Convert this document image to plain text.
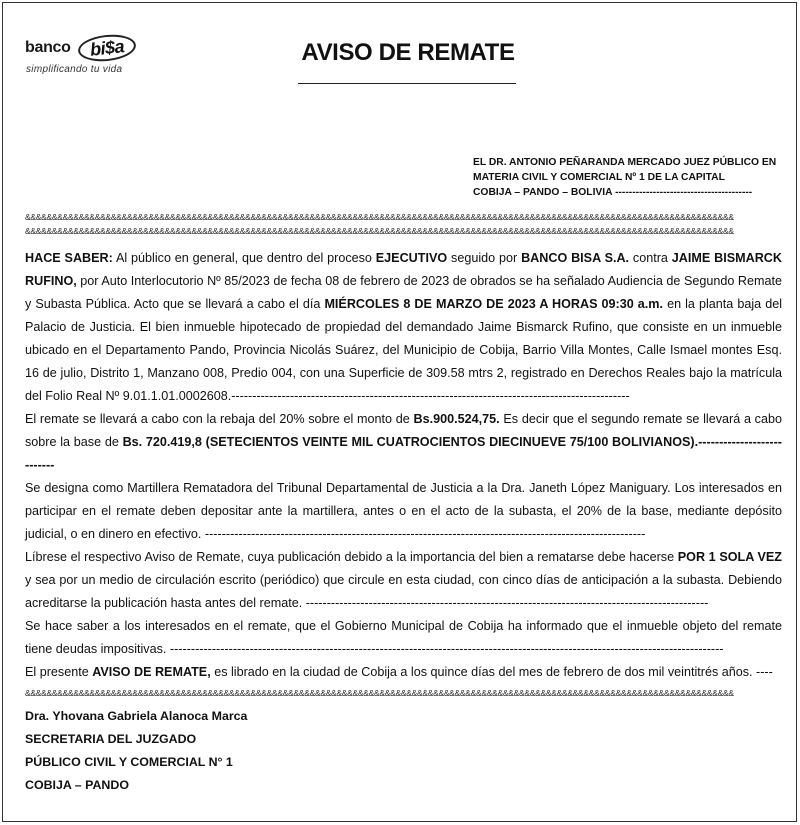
banco bi$a
simplificando tu vida
AVISO DE REMATE
EL DR. ANTONIO PEÑARANDA MERCADO JUEZ PÚBLICO EN
MATERIA CIVIL Y COMERCIAL Nº 1 DE LA CAPITAL
COBIJA – PANDO – BOLIVIA ----------------------------------------
&&&&&&&&&&&&&&&&&&&&&&&&&&&&&&&&&&&&&&&&&&&&&&&&&&&&&&&&&&&&&&&&&&&&&&&&&&&&&&&&&&&&&&&&&&&&&&&&&&&&&&&&&&&&&&&&&&&&&&&&&&&&&&&&&&&&
&&&&&&&&&&&&&&&&&&&&&&&&&&&&&&&&&&&&&&&&&&&&&&&&&&&&&&&&&&&&&&&&&&&&&&&&&&&&&&&&&&&&&&&&&&&&&&&&&&&&&&&&&&&&&&&&&&&&&&&&&&&&&&&&&&&&

HACE SABER: Al público en general, que dentro del proceso EJECUTIVO seguido por BANCO BISA S.A. contra JAIME BISMARCK RUFINO, por Auto Interlocutorio Nº 85/2023 de fecha 08 de febrero de 2023 de obrados se ha señalado Audiencia de Segundo Remate y Subasta Pública. Acto que se llevará a cabo el día MIÉRCOLES 8 DE MARZO DE 2023 A HORAS 09:30 a.m. en la planta baja del Palacio de Justicia. El bien inmueble hipotecado de propiedad del demandado Jaime Bismarck Rufino, que consiste en un inmueble ubicado en el Departamento Pando, Provincia Nicolás Suárez, del Municipio de Cobija, Barrio Villa Montes, Calle Ismael montes Esq. 16 de julio, Distrito 1, Manzano 008, Predio 004, con una Superficie de 309.58 mtrs 2, registrado en Derechos Reales bajo la matrícula del Folio Real Nº 9.01.1.01.0002608.-----------------------------------------------------------------------------------------------

El remate se llevará a cabo con la rebaja del 20% sobre el monto de Bs.900.524,75. Es decir que el segundo remate se llevará a cabo sobre la base de Bs. 720.419,8 (SETECIENTOS VEINTE MIL CUATROCIENTOS DIECINUEVE 75/100 BOLIVIANOS).---------------------------

Se designa como Martillera Rematadora del Tribunal Departamental de Justicia a la Dra. Janeth López Maniguary. Los interesados en participar en el remate deben depositar ante la martillera, antes o en el acto de la subasta, el 20% de la base, mediante depósito judicial, o en dinero en efectivo. ---------------------------------------------------------------------------------------------------------

Líbrese el respectivo Aviso de Remate, cuya publicación debido a la importancia del bien a rematarse debe hacerse POR 1 SOLA VEZ y sea por un medio de circulación escrito (periódico) que circule en esta ciudad, con cinco días de anticipación a la subasta. Debiendo acreditarse la publicación hasta antes del remate. ------------------------------------------------------------------------------------------------

Se hace saber a los interesados en el remate, que el Gobierno Municipal de Cobija ha informado que el inmueble objeto del remate tiene deudas impositivas. ------------------------------------------------------------------------------------------------------------------------------------

El presente AVISO DE REMATE, es librado en la ciudad de Cobija a los quince días del mes de febrero de dos mil veintitrés años. ----

&&&&&&&&&&&&&&&&&&&&&&&&&&&&&&&&&&&&&&&&&&&&&&&&&&&&&&&&&&&&&&&&&&&&&&&&&&&&&&&&&&&&&&&&&&&&&&&&&&&&&&&&&&&&&&&&&&&&&&&&&&&&&&&&&&&&
Dra. Yhovana Gabriela Alanoca Marca
SECRETARIA DEL JUZGADO
PÚBLICO CIVIL Y COMERCIAL N° 1
COBIJA – PANDO
